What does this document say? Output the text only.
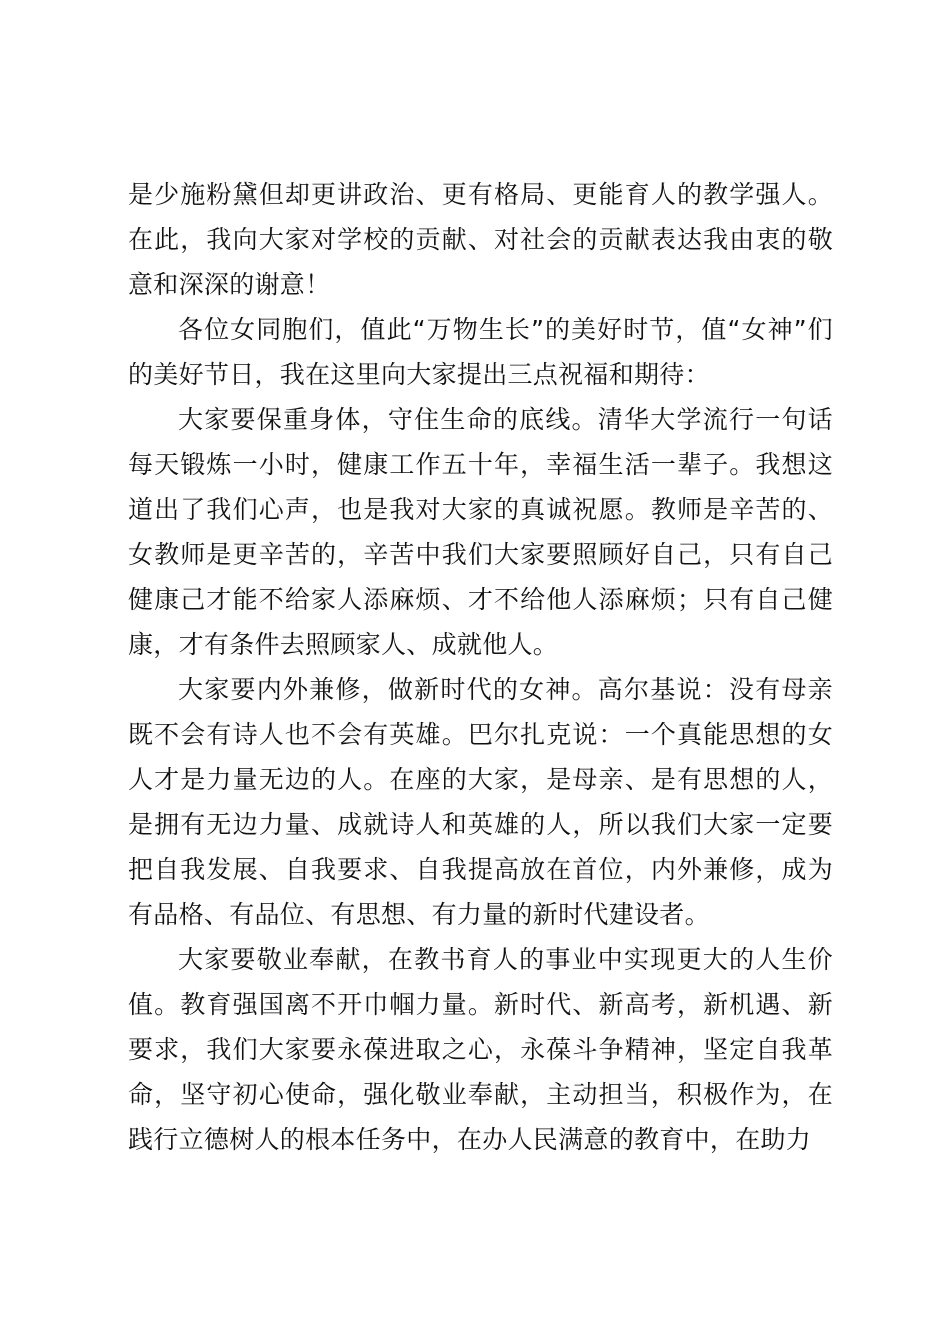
是少施粉黛但却更讲政治、更有格局、更能育人的教学强人。在此，我向大家对学校的贡献、对社会的贡献表达我由衷的敬意和深深的谢意！

各位女同胞们，值此“万物生长”的美好时节，值“女神”们的美好节日，我在这里向大家提出三点祝福和期待：

大家要保重身体，守住生命的底线。清华大学流行一句话每天锻炼一小时，健康工作五十年，幸福生活一辈子。我想这道出了我们心声，也是我对大家的真诚祝愿。教师是辛苦的、女教师是更辛苦的，辛苦中我们大家要照顾好自己，只有自己健康己才能不给家人添麻烦、才不给他人添麻烦；只有自己健康，才有条件去照顾家人、成就他人。

大家要内外兼修，做新时代的女神。高尔基说：没有母亲既不会有诗人也不会有英雄。巴尔扎克说：一个真能思想的女人才是力量无边的人。在座的大家，是母亲、是有思想的人，是拥有无边力量、成就诗人和英雄的人，所以我们大家一定要把自我发展、自我要求、自我提高放在首位，内外兼修，成为有品格、有品位、有思想、有力量的新时代建设者。

大家要敬业奉献，在教书育人的事业中实现更大的人生价值。教育强国离不开巾帼力量。新时代、新高考，新机遇、新要求，我们大家要永葆进取之心，永葆斗争精神，坚定自我革命，坚守初心使命，强化敬业奉献，主动担当，积极作为，在践行立德树人的根本任务中，在办人民满意的教育中，在助力
